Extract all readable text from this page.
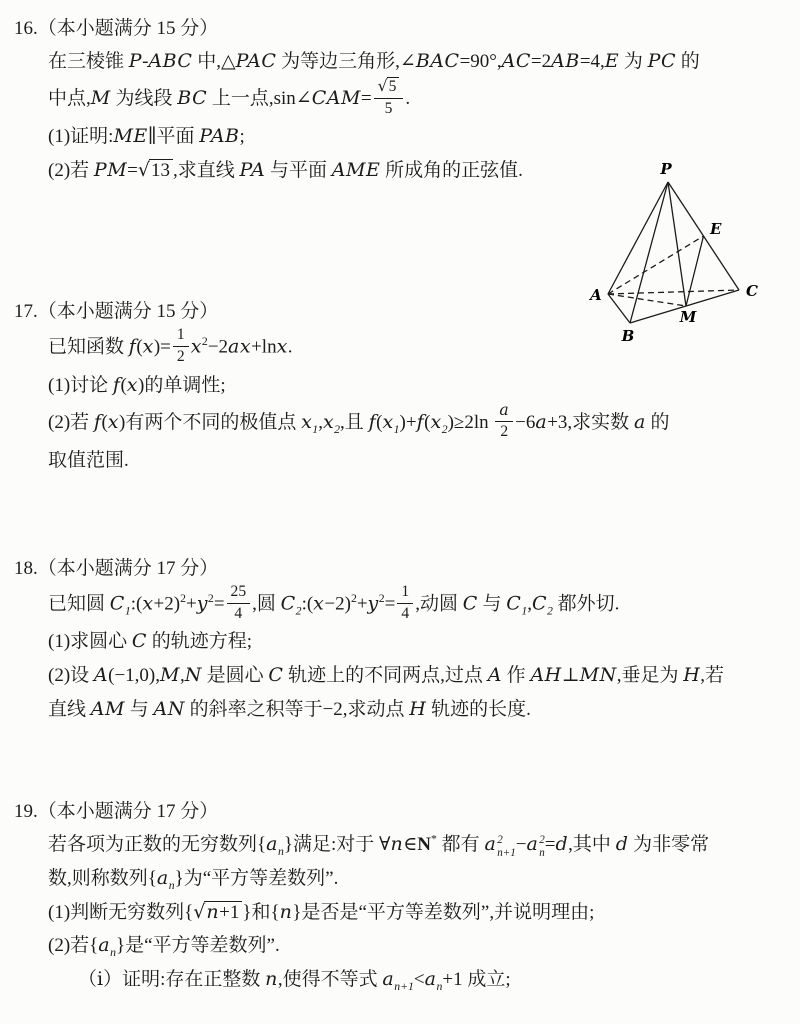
16.（本小题满分 15 分）
在三棱锥 P-ABC 中,△PAC 为等边三角形,∠BAC=90°,AC=2AB=4,E 为 PC 的
中点,M 为线段 BC 上一点,sin∠CAM= $\frac{√5}{5}$ .
(1)证明:ME∥平面 PAB;
(2)若 PM=√13 ,求直线 PA 与平面 AME 所成角的正弦值.
17.（本小题满分 15 分）
已知函数 $f(x)= \frac{1}{2} x^2-2ax+\ln x$.
(1)讨论 f(x)的单调性;
(2)若 f(x)有两个不同的极值点 $x_1,x_2$,且 $f(x_1)+f(x_2)\ge 2\ln \frac{a}{2} -6a+3$,求实数 a 的
取值范围.
18.（本小题满分 17 分）
已知圆 $C_1:(x+2)^2+y^2= \frac{25}{4}$ ,圆 $C_2:(x-2)^2+y^2= \frac{1}{4}$ ,动圆 C 与 $C_1,C_2$ 都外切.
(1)求圆心 C 的轨迹方程;
(2)设 A(−1,0),M,N 是圆心 C 轨迹上的不同两点,过点 A 作 AH⊥MN,垂足为 H,若
直线 AM 与 AN 的斜率之积等于−2,求动点 H 轨迹的长度.
19.（本小题满分 17 分）
若各项为正数的无穷数列$\{a_n\}$满足:对于 ∀n∈N* 都有 a 2
n+1 −a 2
n =d,其中 d 为非零常
数,则称数列$\{a_n\}$为“平方等差数列”.
(1)判断无穷数列{√n+1 }和{n}是否是“平方等差数列”,并说明理由;
(2)若$\{a_n\}$是“平方等差数列”.
（ⅰ）证明:存在正整数 n,使得不等式 $a_{n+1}<a_n+1$ 成立;
P
E
A	C
M
B
